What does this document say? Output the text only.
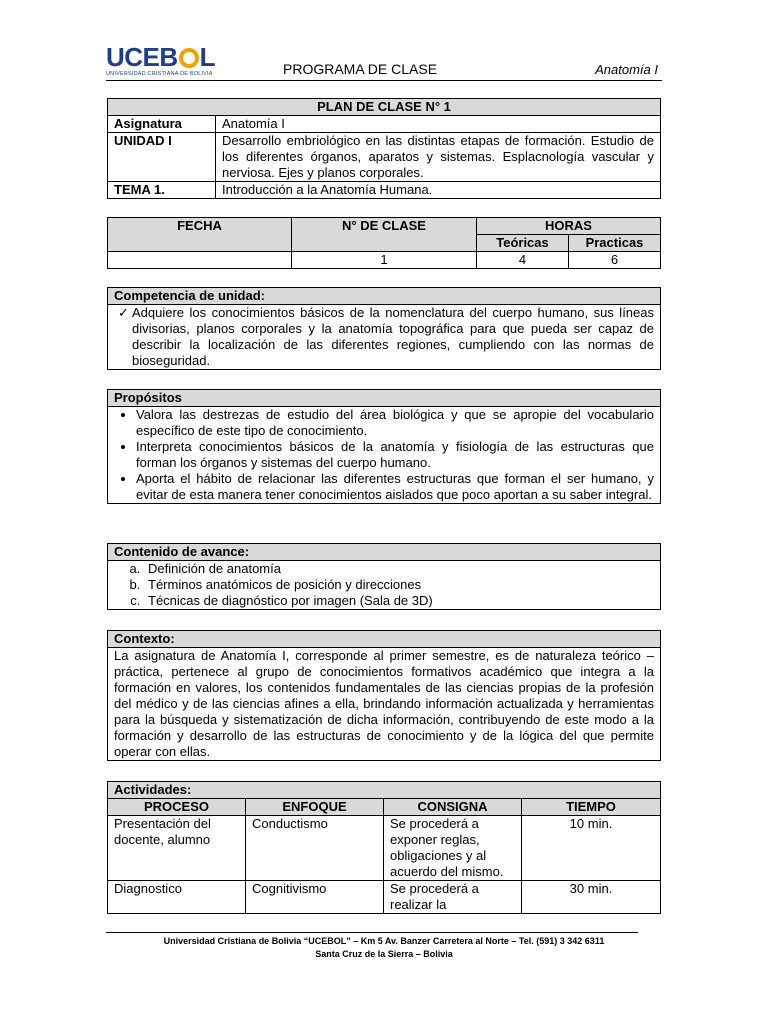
UCEB L
UNIVERSIDAD CRISTIANA DE BOLIVIA	PROGRAMA DE CLASE	Anatomía I
PLAN DE CLASE N° 1	
Asignatura	Anatomía I
UNIDAD I	Desarrollo embriológico en las distintas etapas de formación. Estudio de los diferentes órganos, aparatos y sistemas. Esplacnología vascular y nerviosa. Ejes y planos corporales.
TEMA 1.	Introducción a la Anatomía Humana.
FECHA	N° DE CLASE	HORAS	
		Teóricas	Practicas
	1	4	6
Competencia de unidad:

✓ Adquiere los conocimientos básicos de la nomenclatura del cuerpo humano, sus líneas divisorias, planos corporales y la anatomía topográfica para que pueda ser capaz de describir la localización de las diferentes regiones, cumpliendo con las normas de bioseguridad.
Propósitos

• Valora las destrezas de estudio del área biológica y que se apropie del vocabulario específico de este tipo de conocimiento.
• Interpreta conocimientos básicos de la anatomía y fisiología de las estructuras que forman los órganos y sistemas del cuerpo humano.
• Aporta el hábito de relacionar las diferentes estructuras que forman el ser humano, y evitar de esta manera tener conocimientos aislados que poco aportan a su saber integral.
Contenido de avance:

a. Definición de anatomía
b. Términos anatómicos de posición y direcciones
c. Técnicas de diagnóstico por imagen (Sala de 3D)
Contexto:
La asignatura de Anatomía I, corresponde al primer semestre, es de naturaleza teórico – práctica, pertenece al grupo de conocimientos formativos académico que integra a la formación en valores, los contenidos fundamentales de las ciencias propias de la profesión del médico y de las ciencias afines a ella, brindando información actualizada y herramientas para la búsqueda y sistematización de dicha información, contribuyendo de este modo a la formación y desarrollo de las estructuras de conocimiento y de la lógica del que permite operar con ellas.
Actividades:			
PROCESO	ENFOQUE	CONSIGNA	TIEMPO
Presentación del docente, alumno	Conductismo	Se procederá a exponer reglas, obligaciones y al acuerdo del mismo.	10 min.
Diagnostico	Cognitivismo	Se procederá a realizar la	30 min.
Universidad Cristiana de Bolivia “UCEBOL” – Km 5 Av. Banzer Carretera al Norte – Tel. (591) 3 342 6311
Santa Cruz de la Sierra – Bolivia
